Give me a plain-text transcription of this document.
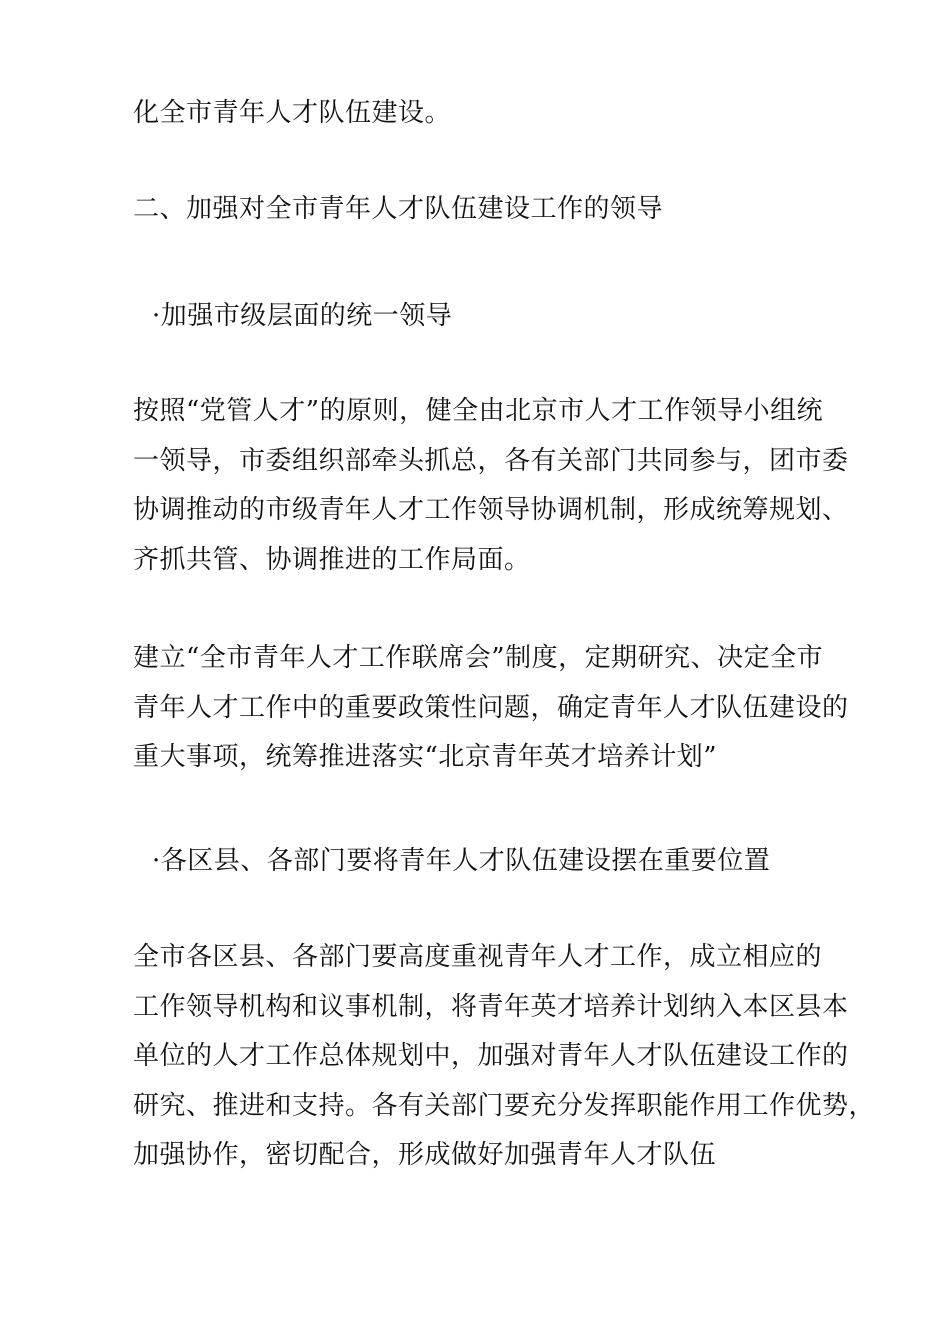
化全市青年人才队伍建设。
二、加强对全市青年人才队伍建设工作的领导
·加强市级层面的统一领导
按照“党管人才”的原则，健全由北京市人才工作领导小组统
一领导，市委组织部牵头抓总，各有关部门共同参与，团市委
协调推动的市级青年人才工作领导协调机制，形成统筹规划、
齐抓共管、协调推进的工作局面。
建立“全市青年人才工作联席会”制度，定期研究、决定全市
青年人才工作中的重要政策性问题，确定青年人才队伍建设的
重大事项，统筹推进落实“北京青年英才培养计划”
·各区县、各部门要将青年人才队伍建设摆在重要位置
全市各区县、各部门要高度重视青年人才工作，成立相应的
工作领导机构和议事机制，将青年英才培养计划纳入本区县本
单位的人才工作总体规划中，加强对青年人才队伍建设工作的
研究、推进和支持。各有关部门要充分发挥职能作用工作优势，
加强协作，密切配合，形成做好加强青年人才队伍
